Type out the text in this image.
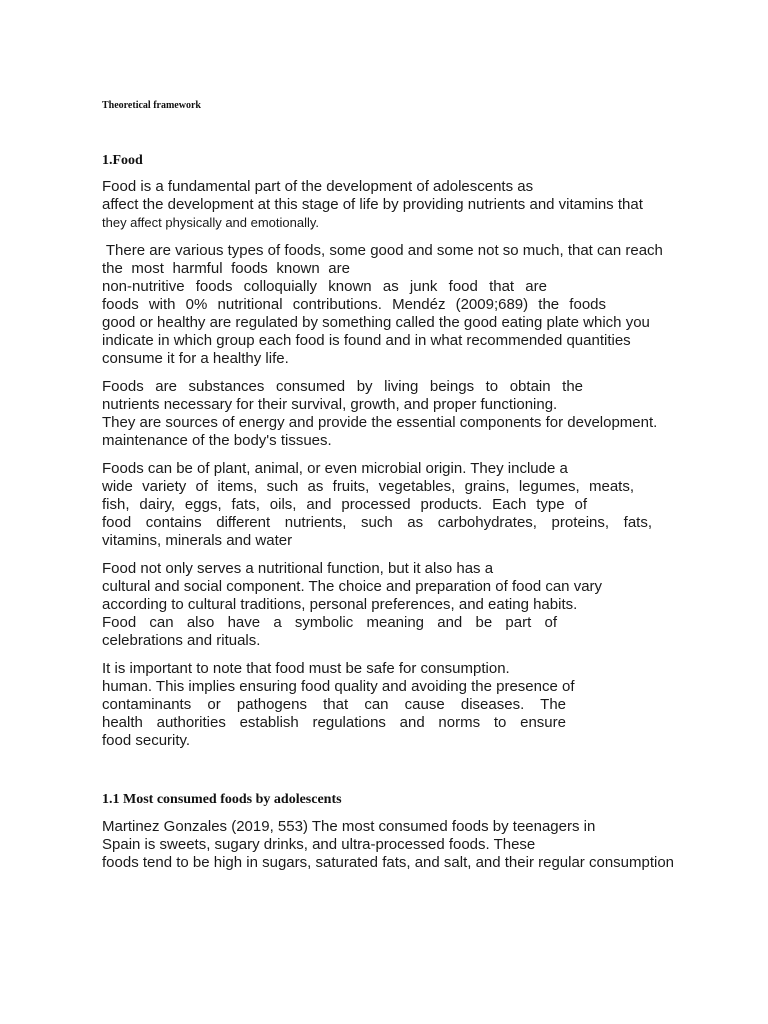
Theoretical framework
1.Food
Food is a fundamental part of the development of adolescents as
affect the development at this stage of life by providing nutrients and vitamins that
they affect physically and emotionally.
There are various types of foods, some good and some not so much, that can reach
the most harmful foods known are
non-nutritive foods colloquially known as junk food that are
foods with 0% nutritional contributions. Mendéz (2009;689) the foods
good or healthy are regulated by something called the good eating plate which you
indicate in which group each food is found and in what recommended quantities
consume it for a healthy life.
Foods are substances consumed by living beings to obtain the
nutrients necessary for their survival, growth, and proper functioning.
They are sources of energy and provide the essential components for development.
maintenance of the body's tissues.
Foods can be of plant, animal, or even microbial origin. They include a
wide variety of items, such as fruits, vegetables, grains, legumes, meats,
fish, dairy, eggs, fats, oils, and processed products. Each type of
food contains different nutrients, such as carbohydrates, proteins, fats,
vitamins, minerals and water
Food not only serves a nutritional function, but it also has a
cultural and social component. The choice and preparation of food can vary
according to cultural traditions, personal preferences, and eating habits.
Food can also have a symbolic meaning and be part of
celebrations and rituals.
It is important to note that food must be safe for consumption.
human. This implies ensuring food quality and avoiding the presence of
contaminants or pathogens that can cause diseases. The
health authorities establish regulations and norms to ensure
food security.
1.1 Most consumed foods by adolescents
Martinez Gonzales (2019, 553) The most consumed foods by teenagers in
Spain is sweets, sugary drinks, and ultra-processed foods. These
foods tend to be high in sugars, saturated fats, and salt, and their regular consumption
